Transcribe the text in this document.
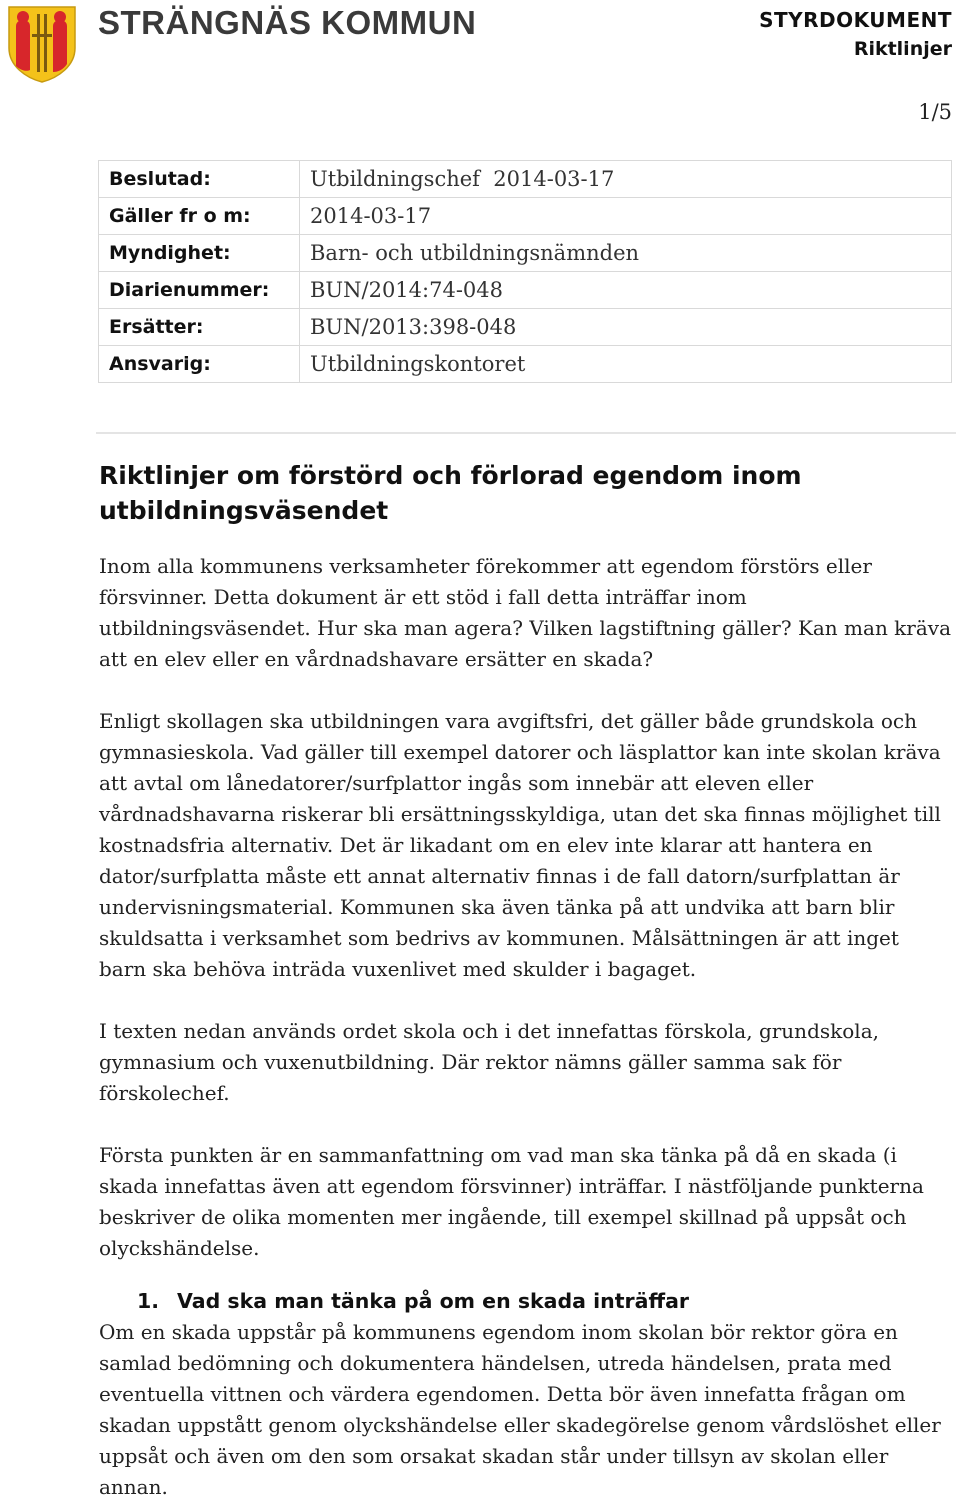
STRÄNGNÄS KOMMUN	STYRDOKUMENT
Riktlinjer
1/5
Beslutad:	Utbildningschef  2014-03-17
Gäller fr o m:	2014-03-17
Myndighet:	Barn- och utbildningsnämnden
Diarienummer:	BUN/2014:74-048
Ersätter:	BUN/2013:398-048
Ansvarig:	Utbildningskontoret
Riktlinjer om förstörd och förlorad egendom inom utbildningsväsendet

Inom alla kommunens verksamheter förekommer att egendom förstörs eller försvinner. Detta dokument är ett stöd i fall detta inträffar inom utbildningsväsendet. Hur ska man agera? Vilken lagstiftning gäller? Kan man kräva att en elev eller en vårdnadshavare ersätter en skada?

Enligt skollagen ska utbildningen vara avgiftsfri, det gäller både grundskola och gymnasieskola. Vad gäller till exempel datorer och läsplattor kan inte skolan kräva att avtal om lånedatorer/surfplattor ingås som innebär att eleven eller vårdnadshavarna riskerar bli ersättningsskyldiga, utan det ska finnas möjlighet till kostnadsfria alternativ. Det är likadant om en elev inte klarar att hantera en dator/surfplatta måste ett annat alternativ finnas i de fall datorn/surfplattan är undervisningsmaterial. Kommunen ska även tänka på att undvika att barn blir skuldsatta i verksamhet som bedrivs av kommunen. Målsättningen är att inget barn ska behöva inträda vuxenlivet med skulder i bagaget.

I texten nedan används ordet skola och i det innefattas förskola, grundskola, gymnasium och vuxenutbildning. Där rektor nämns gäller samma sak för förskolechef.

Första punkten är en sammanfattning om vad man ska tänka på då en skada (i skada innefattas även att egendom försvinner) inträffar. I nästföljande punkterna beskriver de olika momenten mer ingående, till exempel skillnad på uppsåt och olyckshändelse.

1. Vad ska man tänka på om en skada inträffar

Om en skada uppstår på kommunens egendom inom skolan bör rektor göra en samlad bedömning och dokumentera händelsen, utreda händelsen, prata med eventuella vittnen och värdera egendomen. Detta bör även innefatta frågan om skadan uppstått genom olyckshändelse eller skadegörelse genom vårdslöshet eller uppsåt och även om den som orsakat skadan står under tillsyn av skolan eller annan.
